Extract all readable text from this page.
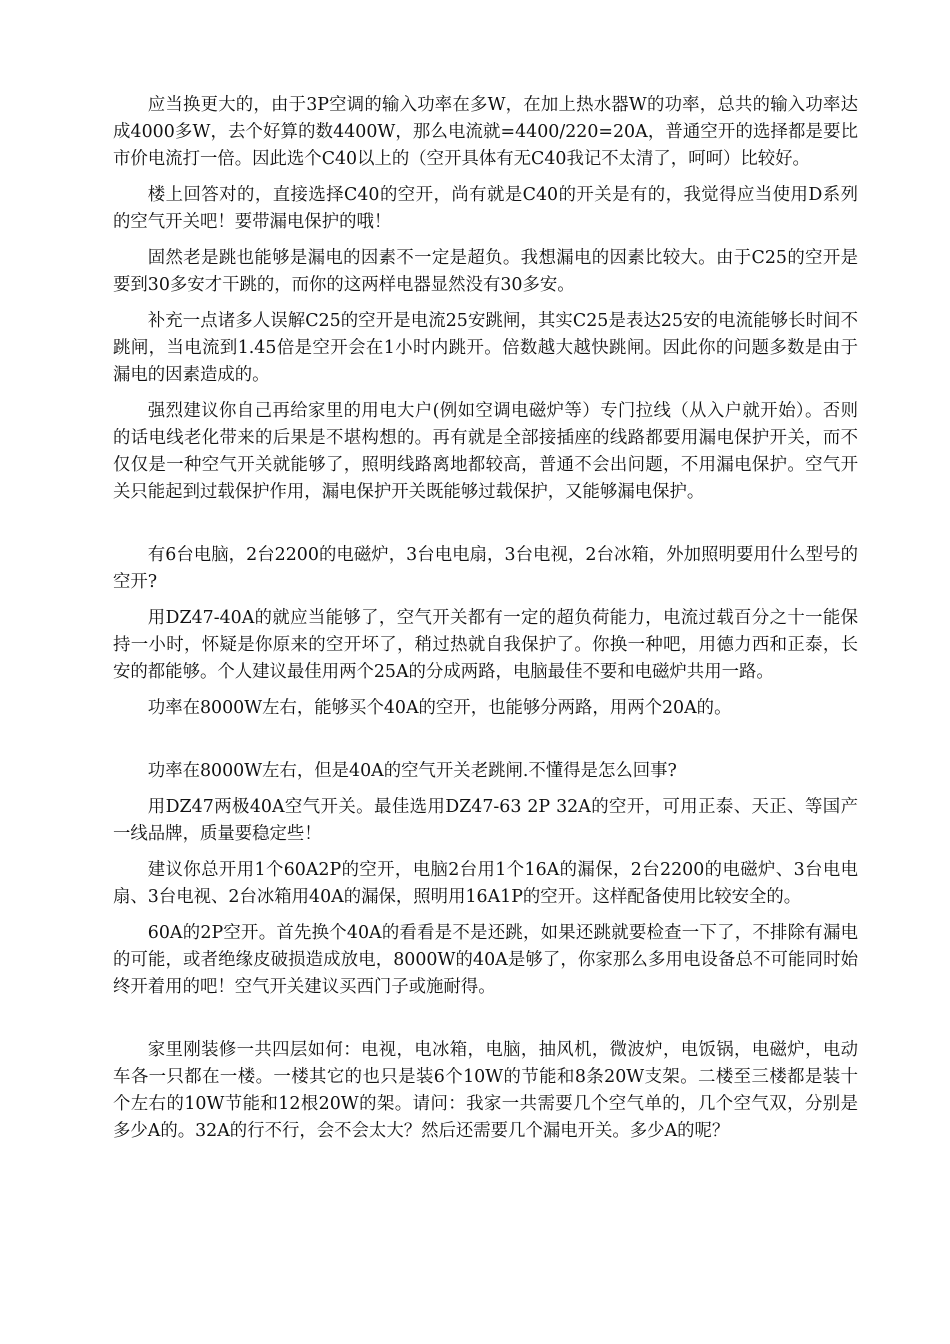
应当换更大的，由于3P空调的输入功率在多W，在加上热水器W的功率，总共的输入功率达成4000多W，去个好算的数4400W，那么电流就=4400/220=20A，普通空开的选择都是要比市价电流打一倍。因此选个C40以上的（空开具体有无C40我记不太清了，呵呵）比较好。

楼上回答对的，直接选择C40的空开，尚有就是C40的开关是有的，我觉得应当使用D系列的空气开关吧！要带漏电保护的哦！

固然老是跳也能够是漏电的因素不一定是超负。我想漏电的因素比较大。由于C25的空开是要到30多安才干跳的，而你的这两样电器显然没有30多安。

补充一点诸多人误解C25的空开是电流25安跳闸，其实C25是表达25安的电流能够长时间不跳闸，当电流到1.45倍是空开会在1小时内跳开。倍数越大越快跳闸。因此你的问题多数是由于漏电的因素造成的。

强烈建议你自己再给家里的用电大户(例如空调电磁炉等）专门拉线（从入户就开始）。否则的话电线老化带来的后果是不堪构想的。再有就是全部接插座的线路都要用漏电保护开关，而不仅仅是一种空气开关就能够了，照明线路离地都较高，普通不会出问题，不用漏电保护。空气开关只能起到过载保护作用，漏电保护开关既能够过载保护，又能够漏电保护。

有6台电脑，2台2200的电磁炉，3台电电扇，3台电视，2台冰箱，外加照明要用什么型号的空开?

用DZ47-40A的就应当能够了，空气开关都有一定的超负荷能力，电流过载百分之十一能保持一小时，怀疑是你原来的空开坏了，稍过热就自我保护了。你换一种吧，用德力西和正泰，长安的都能够。个人建议最佳用两个25A的分成两路，电脑最佳不要和电磁炉共用一路。

功率在8000W左右，能够买个40A的空开，也能够分两路，用两个20A的。

功率在8000W左右，但是40A的空气开关老跳闸.不懂得是怎么回事?

用DZ47两极40A空气开关。最佳选用DZ47-63 2P 32A的空开，可用正泰、天正、等国产一线品牌，质量要稳定些！

建议你总开用1个60A2P的空开，电脑2台用1个16A的漏保，2台2200的电磁炉、3台电电扇、3台电视、2台冰箱用40A的漏保，照明用16A1P的空开。这样配备使用比较安全的。

60A的2P空开。首先换个40A的看看是不是还跳，如果还跳就要检查一下了，不排除有漏电的可能，或者绝缘皮破损造成放电，8000W的40A是够了，你家那么多用电设备总不可能同时始终开着用的吧！空气开关建议买西门子或施耐得。

家里刚装修一共四层如何：电视，电冰箱，电脑，抽风机，微波炉，电饭锅，电磁炉，电动车各一只都在一楼。一楼其它的也只是装6个10W的节能和8条20W支架。二楼至三楼都是装十个左右的10W节能和12根20W的架。请问：我家一共需要几个空气单的，几个空气双，分别是多少A的。32A的行不行，会不会太大？然后还需要几个漏电开关。多少A的呢？
